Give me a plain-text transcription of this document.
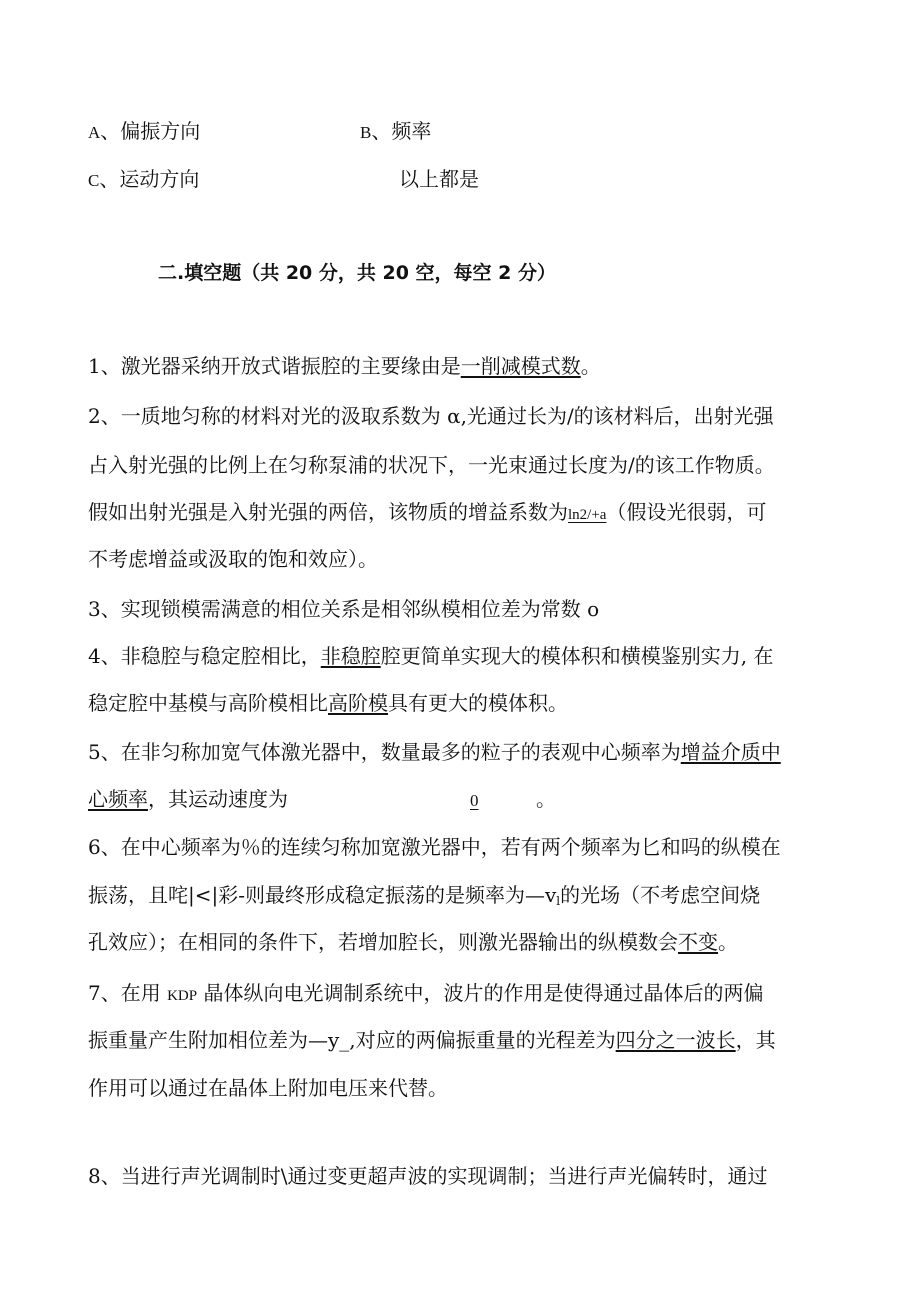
A、偏振方向	B、频率
C、运动方向	以上都是
二.填空题（共 20 分，共 20 空，每空 2 分）
1、激光器采纳开放式谐振腔的主要缘由是一削减模式数。
2、一质地匀称的材料对光的汲取系数为 α,光通过长为/的该材料后，出射光强
占入射光强的比例上在匀称泵浦的状况下，一光束通过长度为/的该工作物质。
假如出射光强是入射光强的两倍，该物质的增益系数为ln2/+a（假设光很弱，可
不考虑增益或汲取的饱和效应）。
3、实现锁模需满意的相位关系是相邻纵模相位差为常数 o
4、非稳腔与稳定腔相比，非稳腔腔更简单实现大的模体积和横模鉴别实力, 在
稳定腔中基模与高阶模相比高阶模具有更大的模体积。
5、在非匀称加宽气体激光器中，数量最多的粒子的表观中心频率为增益介质中
心频率，其运动速度为	0	。
6、在中心频率为％的连续匀称加宽激光器中，若有两个频率为匕和吗的纵模在
振荡，且咤|<|彩-则最终形成稳定振荡的是频率为$—v_l$的光场（不考虑空间烧
孔效应）；在相同的条件下，若增加腔长，则激光器输出的纵模数会不变。
7、在用 KDP 晶体纵向电光调制系统中，波片的作用是使得通过晶体后的两偏
振重量产生附加相位差为—y_,对应的两偏振重量的光程差为四分之一波长，其
作用可以通过在晶体上附加电压来代替。
8、当进行声光调制时\通过变更超声波的实现调制；当进行声光偏转时，通过
